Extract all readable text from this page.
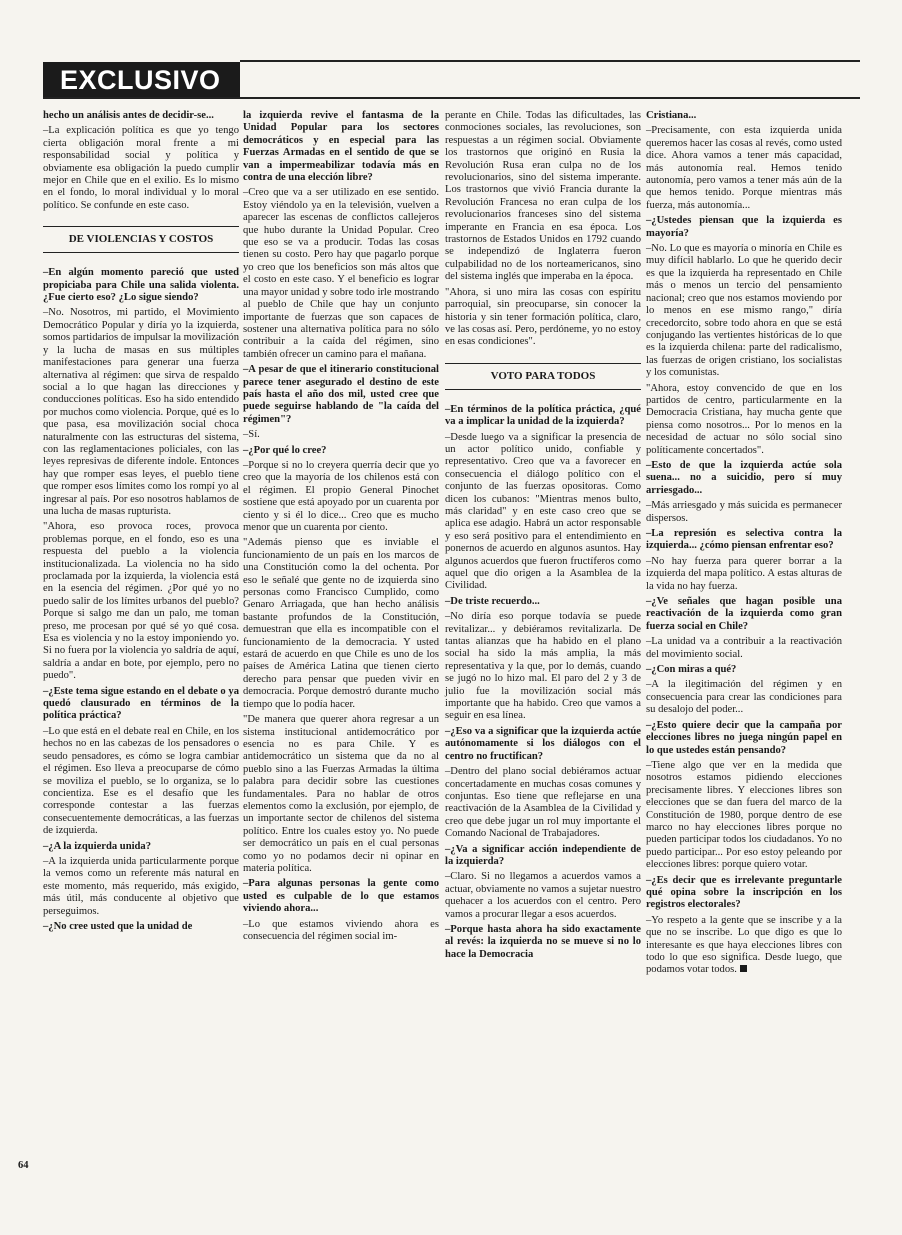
EXCLUSIVO

hecho un análisis antes de decidir-se...

–La explicación política es que yo tengo cierta obligación moral frente a mi responsabilidad social y política y obviamente esa obligación la puedo cumplir mejor en Chile que en el exilio. Es lo mismo en el fondo, lo moral individual y lo moral político. Se confunde en este caso.

DE VIOLENCIAS Y COSTOS

–En algún momento pareció que usted propiciaba para Chile una salida violenta. ¿Fue cierto eso? ¿Lo sigue siendo?

–No. Nosotros, mi partido, el Movimiento Democrático Popular y diría yo la izquierda, somos partidarios de impulsar la movilización y la lucha de masas en sus múltiples manifestaciones para generar una fuerza alternativa al régimen: que sirva de respaldo social a lo que hagan las direcciones y conducciones políticas. Eso ha sido entendido por muchos como violencia. Porque, qué es lo que pasa, esa movilización social choca naturalmente con las estructuras del sistema, con las reglamentaciones policiales, con las leyes represivas de diferente índole. Entonces hay que romper esas leyes, el pueblo tiene que romper esos límites como los rompí yo al ingresar al país. Por eso nosotros hablamos de una lucha de masas rupturista.

"Ahora, eso provoca roces, provoca problemas porque, en el fondo, eso es una respuesta del pueblo a la violencia institucionalizada. La violencia no ha sido proclamada por la izquierda, la violencia está en la esencia del régimen. ¿Por qué yo no puedo salir de los límites urbanos del pueblo? Porque si salgo me dan un palo, me toman preso, me procesan por qué sé yo qué cosa. Esa es violencia y no la estoy imponiendo yo. Si no fuera por la violencia yo saldría de aquí, saldría a andar en bote, por ejemplo, pero no puedo".

–¿Este tema sigue estando en el debate o ya quedó clausurado en términos de la política práctica?

–Lo que está en el debate real en Chile, en los hechos no en las cabezas de los pensadores o seudo pensadores, es cómo se logra cambiar el régimen. Eso lleva a preocuparse de cómo se moviliza el pueblo, se lo organiza, se lo concientiza. Ese es el desafío que les corresponde contestar a las fuerzas consecuentemente democráticas, a las fuerzas de izquierda.

–¿A la izquierda unida?

–A la izquierda unida particularmente porque la vemos como un referente más natural en este momento, más requerido, más exigido, más útil, más conducente al objetivo que perseguimos.

–¿No cree usted que la unidad de

la izquierda revive el fantasma de la Unidad Popular para los sectores democráticos y en especial para las Fuerzas Armadas en el sentido de que se van a impermeabilizar todavía más en contra de una elección libre?

–Creo que va a ser utilizado en ese sentido. Estoy viéndolo ya en la televisión, vuelven a aparecer las escenas de conflictos callejeros que hubo durante la Unidad Popular. Creo que eso se va a producir. Todas las cosas tienen su costo. Pero hay que pagarlo porque yo creo que los beneficios son más altos que el costo en este caso. Y el beneficio es lograr una mayor unidad y sobre todo irle mostrando al pueblo de Chile que hay un conjunto importante de fuerzas que son capaces de sostener una alternativa política para no sólo contribuir a la caída del régimen, sino también ofrecer un camino para el mañana.

–A pesar de que el itinerario constitucional parece tener asegurado el destino de este país hasta el año dos mil, usted cree que puede seguirse hablando de "la caída del régimen"?

–Sí.

–¿Por qué lo cree?

–Porque si no lo creyera querría decir que yo creo que la mayoría de los chilenos está con el régimen. El propio General Pinochet sostiene que está apoyado por un cuarenta por ciento y si él lo dice... Creo que es mucho menor que un cuarenta por ciento.

"Además pienso que es inviable el funcionamiento de un país en los marcos de una Constitución como la del ochenta. Por eso le señalé que gente no de izquierda sino personas como Francisco Cumplido, como Genaro Arriagada, que han hecho análisis bastante profundos de la Constitución, demuestran que ella es incompatible con el funcionamiento de la democracia. Y usted estará de acuerdo en que Chile es uno de los países de América Latina que tienen cierto derecho para pensar que pueden vivir en democracia. Porque demostró durante mucho tiempo que lo podía hacer.

"De manera que querer ahora regresar a un sistema institucional antidemocrático por esencia no es para Chile. Y es antidemocrático un sistema que da no al pueblo sino a las Fuerzas Armadas la última palabra para decidir sobre las cuestiones fundamentales. Para no hablar de otros elementos como la exclusión, por ejemplo, de un importante sector de chilenos del sistema político. Entre los cuales estoy yo. No puede ser democrático un país en el cual personas como yo no podamos decir ni opinar en materia política.

–Para algunas personas la gente como usted es culpable de lo que estamos viviendo ahora...

–Lo que estamos viviendo ahora es consecuencia del régimen social im-

perante en Chile. Todas las dificultades, las conmociones sociales, las revoluciones, son respuestas a un régimen social. Obviamente los trastornos que originó en Rusia la Revolución Rusa eran culpa no de los revolucionarios, sino del sistema imperante. Los trastornos que vivió Francia durante la Revolución Francesa no eran culpa de los revolucionarios franceses sino del sistema imperante en Francia en esa época. Los trastornos de Estados Unidos en 1792 cuando se independizó de Inglaterra fueron culpabilidad no de los norteamericanos, sino del sistema inglés que imperaba en la época.

"Ahora, si uno mira las cosas con espíritu parroquial, sin preocuparse, sin conocer la historia y sin tener formación política, claro, ve las cosas así. Pero, perdóneme, yo no estoy en esas condiciones".

VOTO PARA TODOS

–En términos de la política práctica, ¿qué va a implicar la unidad de la izquierda?

–Desde luego va a significar la presencia de un actor político unido, confiable y representativo. Creo que va a favorecer en consecuencia el diálogo político con el conjunto de las fuerzas opositoras. Como dicen los cubanos: "Mientras menos bulto, más claridad" y en este caso creo que se aplica ese adagio. Habrá un actor responsable y eso será positivo para el entendimiento en ponernos de acuerdo en algunos asuntos. Hay algunos acuerdos que fueron fructíferos como aquel que dio origen a la Asamblea de la Civilidad.

–De triste recuerdo...

–No diría eso porque todavía se puede revitalizar... y debiéramos revitalizarla. De tantas alianzas que ha habido en el plano social ha sido la más amplia, la más representativa y la que, por lo demás, cuando se jugó no lo hizo mal. El paro del 2 y 3 de julio fue la movilización social más importante que ha habido. Creo que vamos a seguir en esa línea.

–¿Eso va a significar que la izquierda actúe autónomamente si los diálogos con el centro no fructifican?

–Dentro del plano social debiéramos actuar concertadamente en muchas cosas comunes y conjuntas. Eso tiene que reflejarse en una reactivación de la Asamblea de la Civilidad y creo que debe jugar un rol muy importante el Comando Nacional de Trabajadores.

–¿Va a significar acción independiente de la izquierda?

–Claro. Si no llegamos a acuerdos vamos a actuar, obviamente no vamos a sujetar nuestro quehacer a los acuerdos con el centro. Pero vamos a procurar llegar a esos acuerdos.

–Porque hasta ahora ha sido exactamente al revés: la izquierda no se mueve si no lo hace la Democracia

Cristiana...

–Precisamente, con esta izquierda unida queremos hacer las cosas al revés, como usted dice. Ahora vamos a tener más capacidad, más autonomía real. Hemos tenido autonomía, pero vamos a tener más aún de la que hemos tenido. Porque mientras más fuerza, más autonomía...

–¿Ustedes piensan que la izquierda es mayoría?

–No. Lo que es mayoría o minoría en Chile es muy difícil hablarlo. Lo que he querido decir es que la izquierda ha representado en Chile más o menos un tercio del pensamiento nacional; creo que nos estamos moviendo por lo menos en ese mismo rango," diría crecedorcito, sobre todo ahora en que se está conjugando las vertientes históricas de lo que es la izquierda chilena: parte del radicalismo, las fuerzas de origen cristiano, los socialistas y los comunistas.

"Ahora, estoy convencido de que en los partidos de centro, particularmente en la Democracia Cristiana, hay mucha gente que piensa como nosotros... Por lo menos en la necesidad de actuar no sólo social sino políticamente concertados".

–Esto de que la izquierda actúe sola suena... no a suicidio, pero sí muy arriesgado...

–Más arriesgado y más suicida es permanecer dispersos.

–La represión es selectiva contra la izquierda... ¿cómo piensan enfrentar eso?

–No hay fuerza para querer borrar a la izquierda del mapa político. A estas alturas de la vida no hay fuerza.

–¿Ve señales que hagan posible una reactivación de la izquierda como gran fuerza social en Chile?

–La unidad va a contribuir a la reactivación del movimiento social.

–¿Con miras a qué?

–A la ilegitimación del régimen y en consecuencia para crear las condiciones para su desalojo del poder...

–¿Esto quiere decir que la campaña por elecciones libres no juega ningún papel en lo que ustedes están pensando?

–Tiene algo que ver en la medida que nosotros estamos pidiendo elecciones precisamente libres. Y elecciones libres son elecciones que se dan fuera del marco de la Constitución de 1980, porque dentro de ese marco no hay elecciones libres porque no pueden participar todos los ciudadanos. Yo no puedo participar... Por eso estoy peleando por elecciones libres: porque quiero votar.

–¿Es decir que es irrelevante preguntarle qué opina sobre la inscripción en los registros electorales?

–Yo respeto a la gente que se inscribe y a la que no se inscribe. Lo que digo es que lo interesante es que haya elecciones libres con todo lo que eso significa. Desde luego, que podamos votar todos.

64
